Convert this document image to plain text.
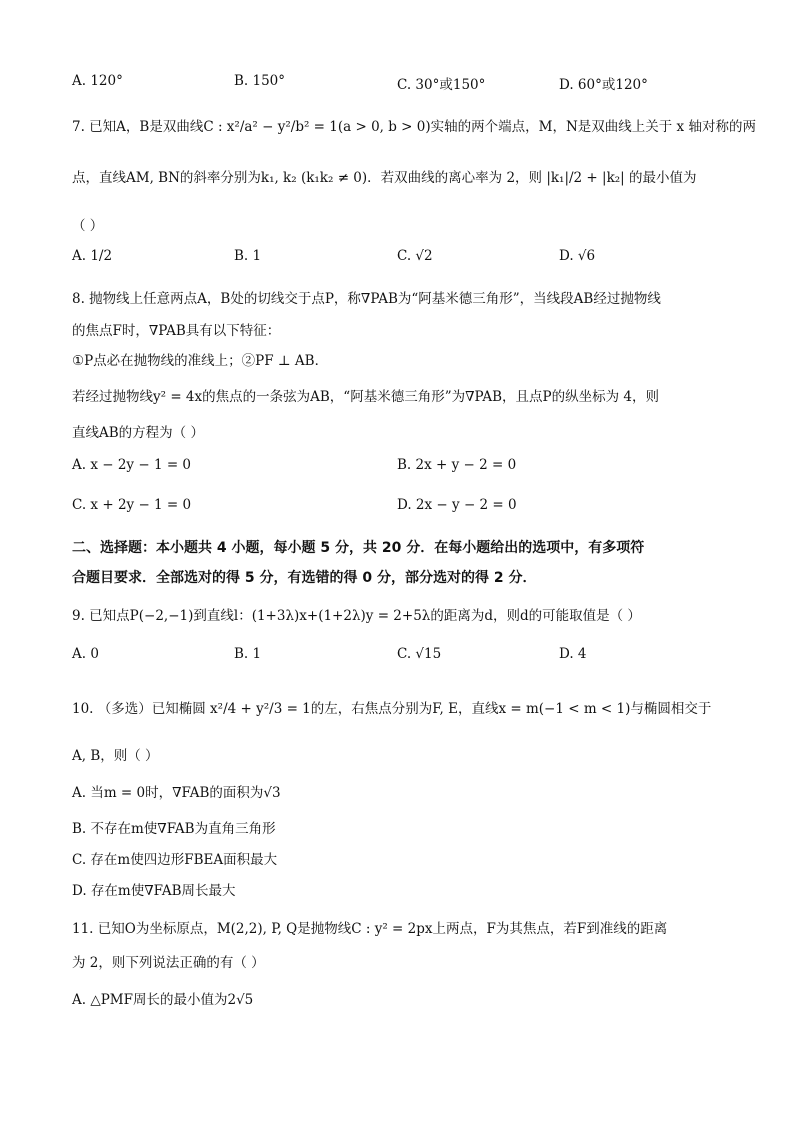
A. 120°	B. 150°	C. 30°或150°	D. 60°或120°
7. 已知A，B是双曲线C : x²/a² − y²/b² = 1(a > 0, b > 0)实轴的两个端点，M，N是双曲线上关于 x 轴对称的两
点，直线AM, BN的斜率分别为k₁, k₂ (k₁k₂ ≠ 0)．若双曲线的离心率为 2，则 |k₁|/2 + |k₂| 的最小值为
（ ）
A. 1/2	B. 1	C. √2	D. √6
8. 抛物线上任意两点A，B处的切线交于点P，称∇PAB为“阿基米德三角形”，当线段AB经过抛物线
的焦点F时，∇PAB具有以下特征：
①P点必在抛物线的准线上；②PF ⊥ AB．
若经过抛物线y² = 4x的焦点的一条弦为AB，“阿基米德三角形”为∇PAB，且点P的纵坐标为 4，则
直线AB的方程为（ ）
A. x − 2y − 1 = 0	B. 2x + y − 2 = 0
C. x + 2y − 1 = 0	D. 2x − y − 2 = 0
二、选择题：本小题共 4 小题，每小题 5 分，共 20 分．在每小题给出的选项中，有多项符
合题目要求．全部选对的得 5 分，有选错的得 0 分，部分选对的得 2 分．
9. 已知点P(−2,−1)到直线l：(1+3λ)x+(1+2λ)y = 2+5λ的距离为d，则d的可能取值是（ ）
A. 0	B. 1	C. √15	D. 4
10. （多选）已知椭圆 x²/4 + y²/3 = 1的左，右焦点分别为F, E，直线x = m(−1 < m < 1)与椭圆相交于
A, B，则（ ）
A. 当m = 0时，∇FAB的面积为√3
B. 不存在m使∇FAB为直角三角形
C. 存在m使四边形FBEA面积最大
D. 存在m使∇FAB周长最大
11. 已知O为坐标原点，M(2,2), P, Q是抛物线C : y² = 2px上两点，F为其焦点，若F到准线的距离
为 2，则下列说法正确的有（ ）
A. △PMF周长的最小值为2√5
